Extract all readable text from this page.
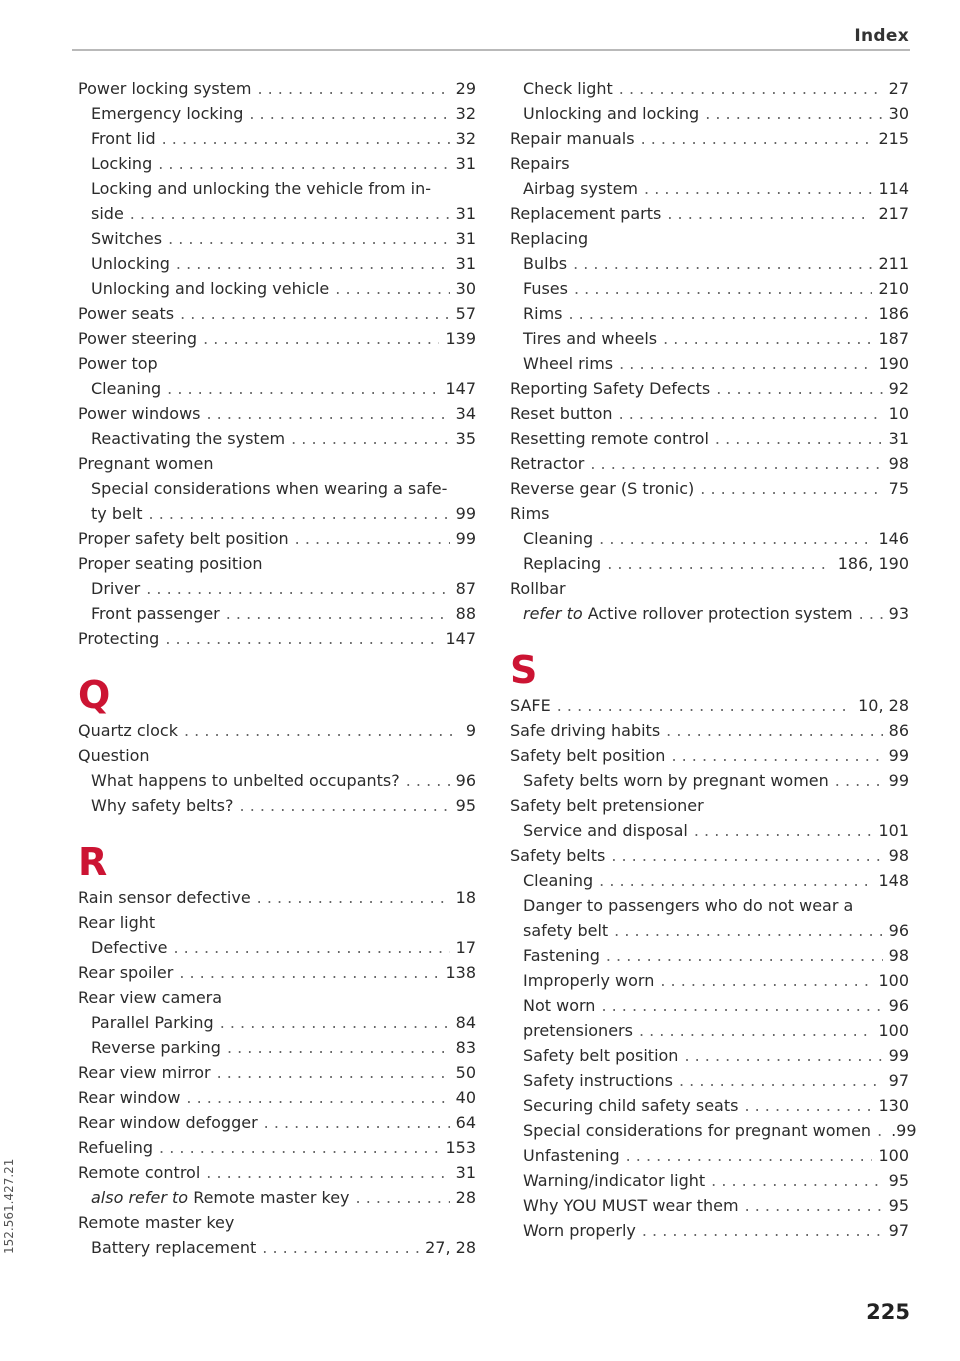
Index
Power locking system . . .	29
Emergency locking . . .	32
Front lid . . .	32
Locking . . .	31
Locking and unlocking the vehicle from in-
side . . .	31
Switches . . .	31
Unlocking . . .	31
Unlocking and locking vehicle . . .	30
Power seats . . .	57
Power steering . . .	139
Power top
Cleaning . . .	147
Power windows . . .	34
Reactivating the system . . .	35
Pregnant women
Special considerations when wearing a safe-
ty belt . . .	99
Proper safety belt position . . .	99
Proper seating position
Driver . . .	87
Front passenger . . .	88
Protecting . . .	147
Q
Quartz clock . . .	9
Question
What happens to unbelted occupants? . . .	96
Why safety belts? . . .	95
R
Rain sensor defective . . .	18
Rear light
Defective . . .	17
Rear spoiler . . .	138
Rear view camera
Parallel Parking . . .	84
Reverse parking . . .	83
Rear view mirror . . .	50
Rear window . . .	40
Rear window defogger . . .	64
Refueling . . .	153
Remote control . . .	31
also refer to Remote master key . . .	28
Remote master key
Battery replacement . . .	27, 28
Check light . . .	27
Unlocking and locking . . .	30
Repair manuals . . .	215
Repairs
Airbag system . . .	114
Replacement parts . . .	217
Replacing
Bulbs . . .	211
Fuses . . .	210
Rims . . .	186
Tires and wheels . . .	187
Wheel rims . . .	190
Reporting Safety Defects . . .	92
Reset button . . .	10
Resetting remote control . . .	31
Retractor . . .	98
Reverse gear (S tronic) . . .	75
Rims
Cleaning . . .	146
Replacing . . .	186, 190
Rollbar
refer to Active rollover protection system . . . 93
S
SAFE . . .	10, 28
Safe driving habits . . .	86
Safety belt position . . .	99
Safety belts worn by pregnant women . . .	99
Safety belt pretensioner
Service and disposal . . .	101
Safety belts . . .	98
Cleaning . . .	148
Danger to passengers who do not wear a
safety belt . . .	96
Fastening . . .	98
Improperly worn . . .	100
Not worn . . .	96
pretensioners . . .	100
Safety belt position . . .	99
Safety instructions . . .	97
Securing child safety seats . . .	130
Special considerations for pregnant women . . . .99
Unfastening . . .	100
Warning/indicator light . . .	95
Why YOU MUST wear them . . .	95
Worn properly . . .	97
225
152.561.427.21
